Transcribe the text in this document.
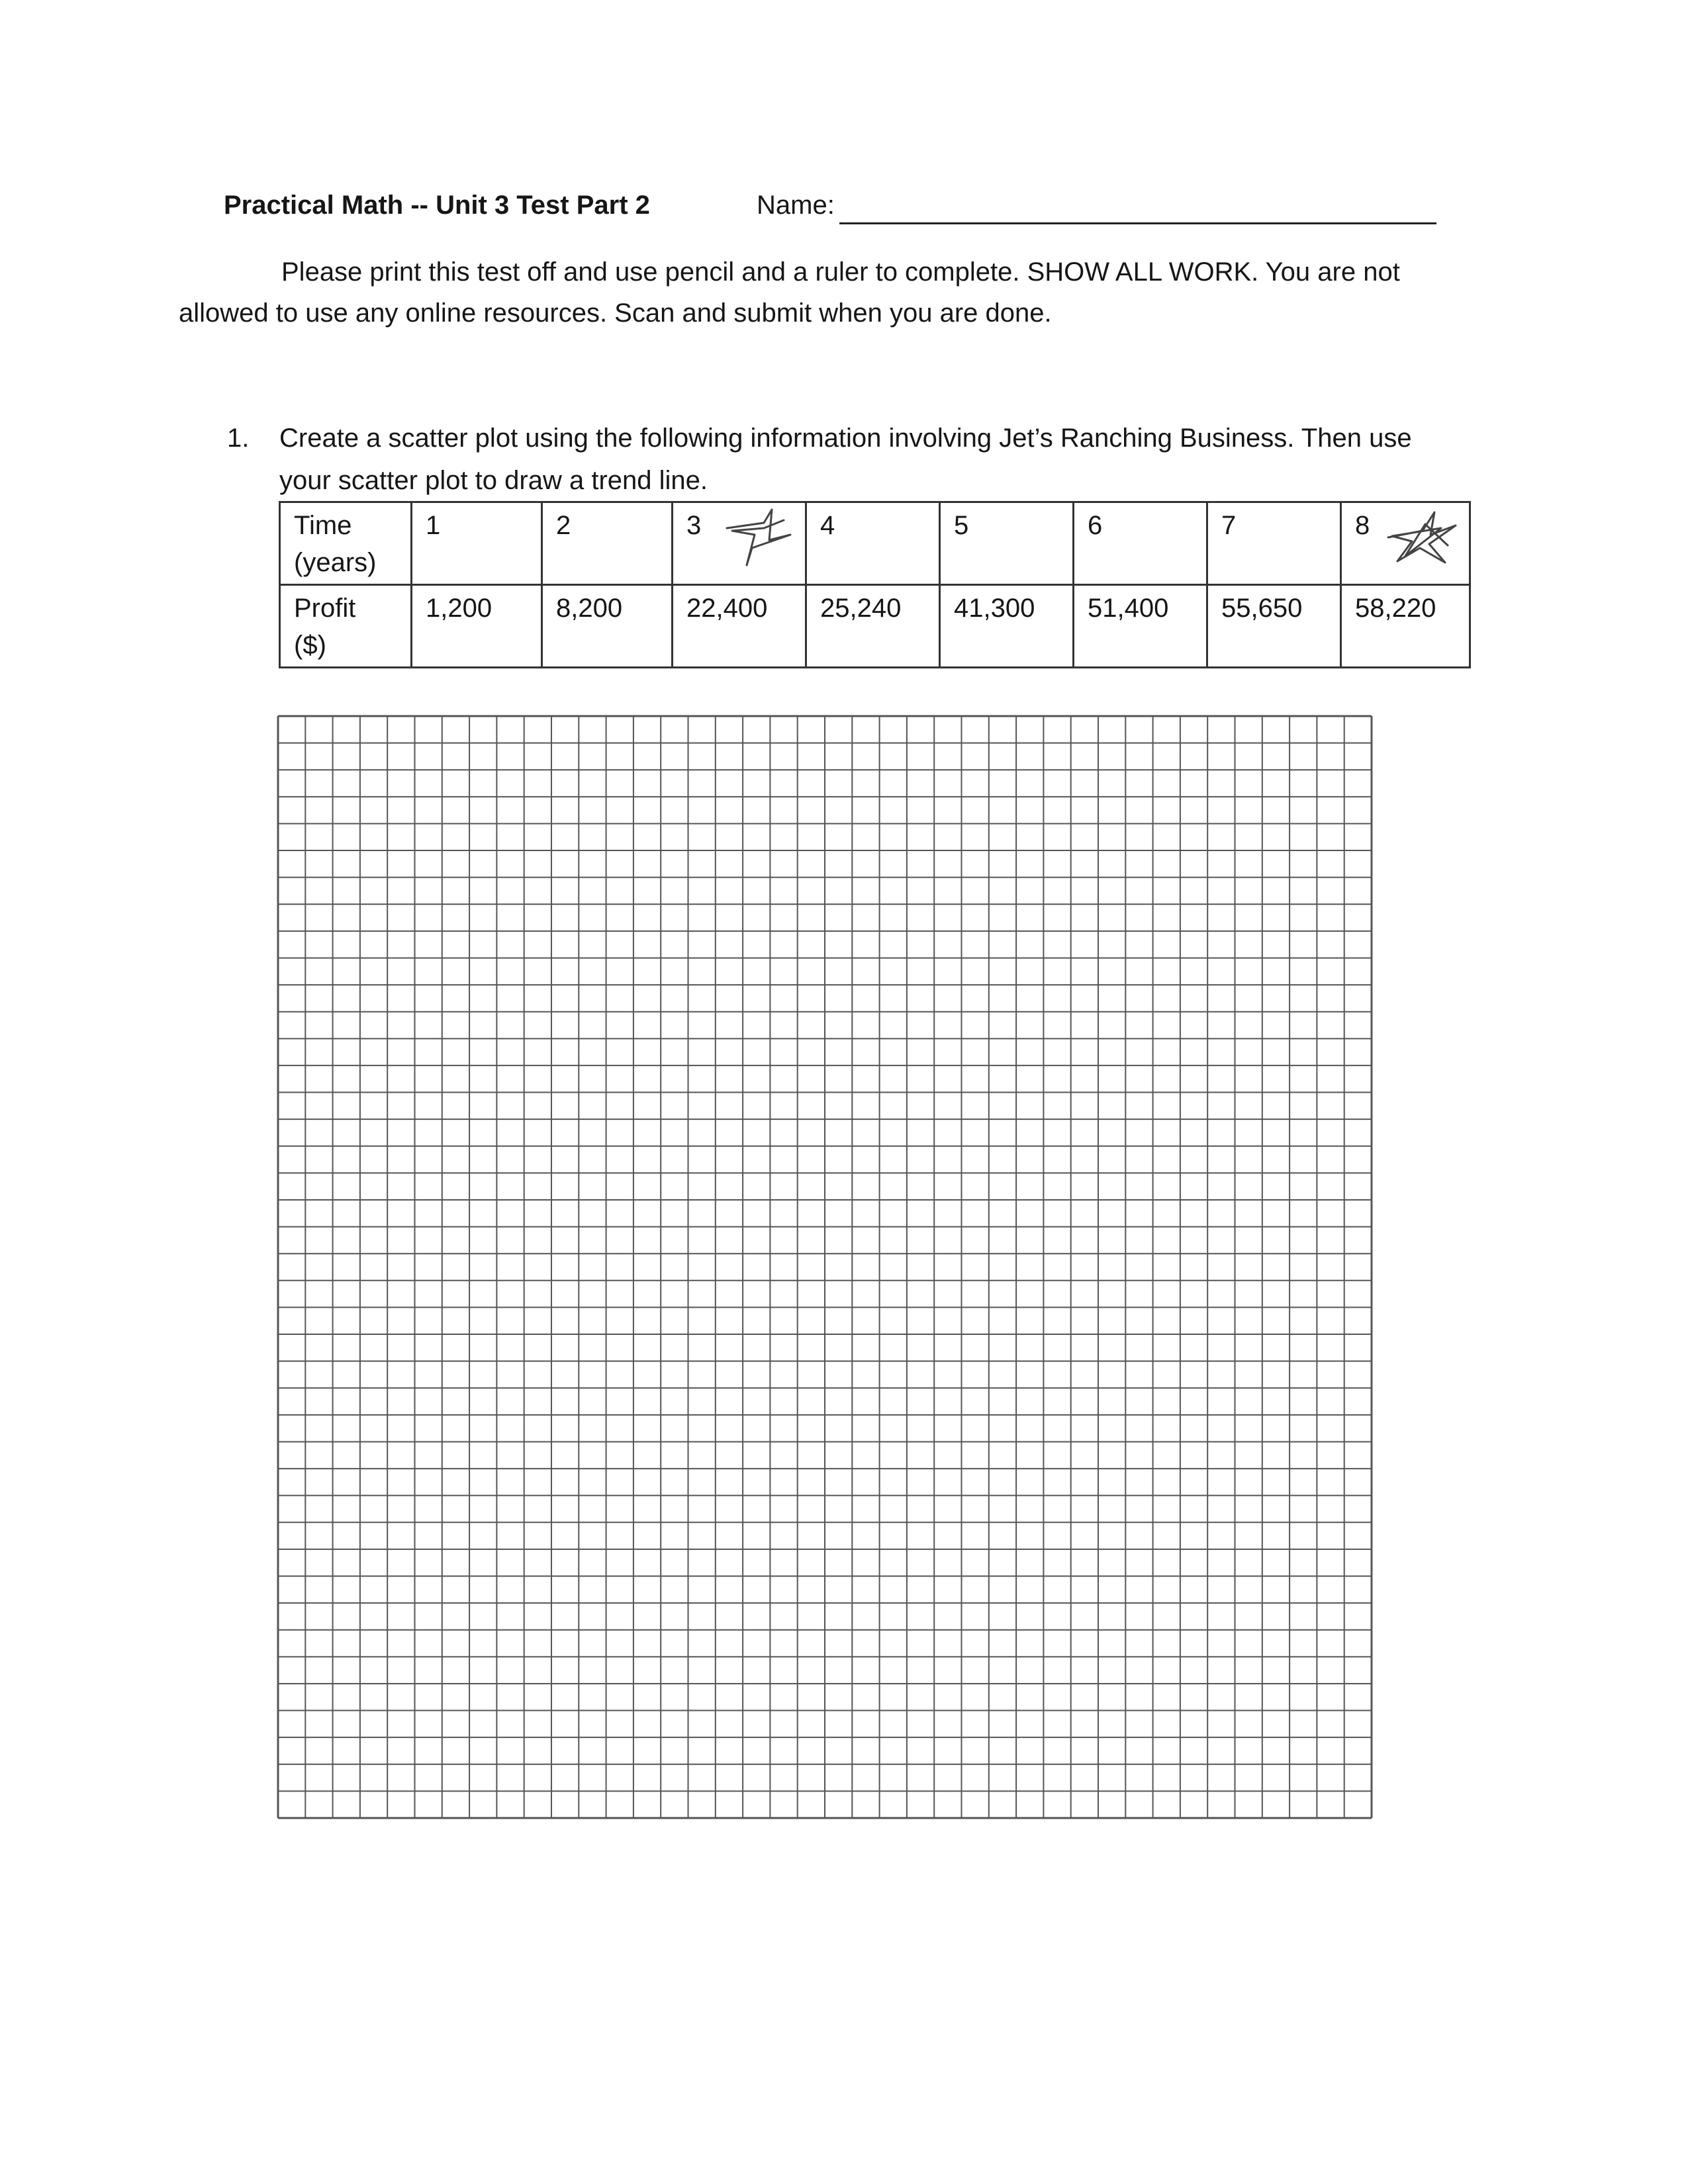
Practical Math -- Unit 3 Test Part 2	Name:
Please print this test off and use pencil and a ruler to complete. SHOW ALL WORK. You are not
allowed to use any online resources. Scan and submit when you are done.
1. Create a scatter plot using the following information involving Jet’s Ranching Business. Then use
your scatter plot to draw a trend line.
Time
(years)	1	2	3	4	5	6	7	8

Profit
($)	1,200	8,200	22,400	25,240	41,300	51,400	55,650	58,220
